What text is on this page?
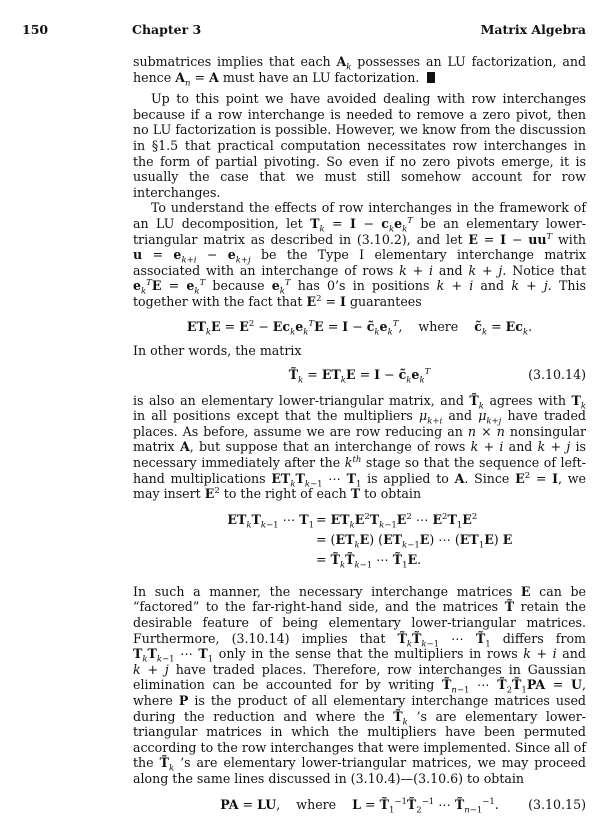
150	Chapter 3	Matrix Algebra

submatrices implies that each $A_k$ possesses an LU factorization, and hence $A_n = A$ must have an LU factorization.

Up to this point we have avoided dealing with row interchanges because if a row interchange is needed to remove a zero pivot, then no LU factorization is possible. However, we know from the discussion in §1.5 that practical computation necessitates row interchanges in the form of partial pivoting. So even if no zero pivots emerge, it is usually the case that we must still somehow account for row interchanges.

To understand the effects of row interchanges in the framework of an LU decomposition, let $T_k = I - c_ke_k^T$ be an elementary lower-triangular matrix as described in (3.10.2), and let $E = I - uu^T$ with $u = e_{k+i} - e_{k+j}$ be the Type I elementary interchange matrix associated with an interchange of rows k + i and k + j. Notice that $e_k^TE = e_k^T$ because $e_k^T$ has 0’s in positions k + i and k + j. This together with the fact that $E^2 = I$ guarantees

$ET_kE = E^2 - Ec_ke_k^TE = I$ − $c̃_ke_k^T$,    where $c̃_k = Ec_k$.

In other words, the matrix

$T̃_k = ET_kE = I$ − $c̃_ke_k^T$	(3.10.14)

is also an elementary lower-triangular matrix, and $T̃_k$ agrees with $T_k$ in all positions except that the multipliers $\mu_{k+i}$ and $\mu_{k+j}$ have traded places. As before, assume we are row reducing an n × n nonsingular matrix A, but suppose that an interchange of rows k + i and k + j is necessary immediately after the $k^{th}$ stage so that the sequence of left-hand multiplications $ET_kT_{k-1}$ ⋯ $T_1$ is applied to A. Since $E^2 = I$, we may insert $E^2$ to the right of each T to obtain

$ET_kT_{k-1}$ ⋯ $T_1 = ET_kE^2T_{k-1}E^2$ ⋯ $E^2T_1E^2$
= $(ET_kE)$ $(ET_{k-1}E)$ ⋯ $(ET_1E)$ E
= $T̃_kT̃_{k-1}$ ⋯ $T̃_1E$.

In such a manner, the necessary interchange matrices E can be “factored” to the far-right-hand side, and the matrices T̃ retain the desirable feature of being elementary lower-triangular matrices. Furthermore, (3.10.14) implies that $T̃_kT̃_{k-1}$ ⋯ $T̃_1$ differs from $T_kT_{k-1}$ ⋯ $T_1$ only in the sense that the multipliers in rows k + i and k + j have traded places. Therefore, row interchanges in Gaussian elimination can be accounted for by writing $T̃_{n-1}$ ⋯ $T̃_2T̃_1PA = U$, where P is the product of all elementary interchange matrices used during the reduction and where the $T̃_k$ ’s are elementary lower-triangular matrices in which the multipliers have been permuted according to the row interchanges that were implemented. Since all of the $T̃_k$ ’s are elementary lower-triangular matrices, we may proceed along the same lines discussed in (3.10.4)—(3.10.6) to obtain

PA = LU,    where $L = T̃_1^{-1}T̃_2^{-1}$ ⋯ $T̃_{n-1}^{-1}$.	(3.10.15)
